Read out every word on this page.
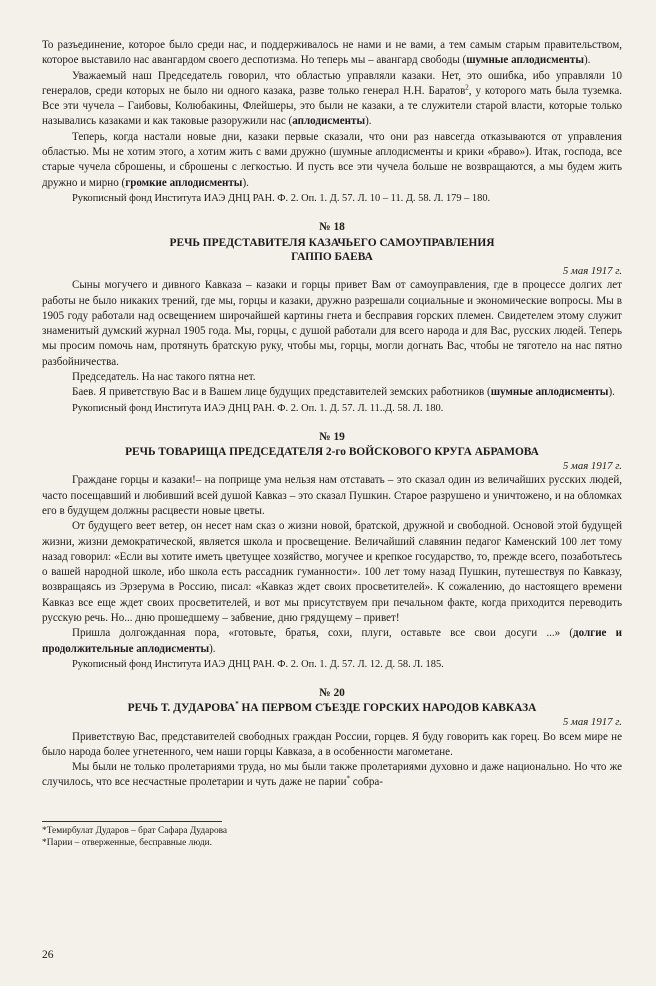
То разъединение, которое было среди нас, и поддерживалось не нами и не вами, а тем самым старым правительством, которое выставило нас авангардом своего деспотизма. Но теперь мы – авангард свободы (шумные аплодисменты).

Уважаемый наш Председатель говорил, что областью управляли казаки. Нет, это ошибка, ибо управляли 10 генералов, среди которых не было ни одного казака, разве только генерал Н.Н. Баратов$^2$, у которого мать была туземка. Все эти чучела – Гаибовы, Колюбакины, Флейшеры, это были не казаки, а те служители старой власти, которые только назывались казаками и как таковые разоружили нас (аплодисменты).

Теперь, когда настали новые дни, казаки первые сказали, что они раз навсегда отказываются от управления областью. Мы не хотим этого, а хотим жить с вами дружно (шумные аплодисменты и крики «браво»). Итак, господа, все старые чучела сброшены, и сброшены с легкостью. И пусть все эти чучела больше не возвращаются, а мы будем жить дружно и мирно (громкие аплодисменты).

Рукописный фонд Института ИАЭ ДНЦ РАН. Ф. 2. Оп. 1. Д. 57. Л. 10 – 11. Д. 58. Л. 179 – 180.

№ 18
РЕЧЬ ПРЕДСТАВИТЕЛЯ КАЗАЧЬЕГО САМОУПРАВЛЕНИЯ
ГАППО БАЕВА
5 мая 1917 г.

Сыны могучего и дивного Кавказа – казаки и горцы привет Вам от самоуправления, где в процессе долгих лет работы не было никаких трений, где мы, горцы и казаки, дружно разрешали социальные и экономические вопросы. Мы в 1905 году работали над освещением широчайшей картины гнета и бесправия горских племен. Свидетелем этому служит знаменитый думский журнал 1905 года. Мы, горцы, с душой работали для всего народа и для Вас, русских людей. Теперь мы просим помочь нам, протянуть братскую руку, чтобы мы, горцы, могли догнать Вас, чтобы не тяготело на нас пятно разбойничества.

Председатель. На нас такого пятна нет.

Баев. Я приветствую Вас и в Вашем лице будущих представителей земских работников (шумные аплодисменты).

Рукописный фонд Института ИАЭ ДНЦ РАН. Ф. 2. Оп. 1. Д. 57. Л. 11..Д. 58. Л. 180.

№ 19
РЕЧЬ ТОВАРИЩА ПРЕДСЕДАТЕЛЯ 2-го ВОЙСКОВОГО КРУГА АБРАМОВА
5 мая 1917 г.

Граждане горцы и казаки!– на поприще ума нельзя нам отставать – это сказал один из величайших русских людей, часто посещавший и любивший всей душой Кавказ – это сказал Пушкин. Старое разрушено и уничтожено, и на обломках его в будущем должны расцвести новые цветы.

От будущего веет ветер, он несет нам сказ о жизни новой, братской, дружной и свободной. Основой этой будущей жизни, жизни демократической, является школа и просвещение. Величайший славянин педагог Каменский 100 лет тому назад говорил: «Если вы хотите иметь цветущее хозяйство, могучее и крепкое государство, то, прежде всего, позаботьтесь о вашей народной школе, ибо школа есть рассадник гуманности». 100 лет тому назад Пушкин, путешествуя по Кавказу, возвращаясь из Эрзерума в Россию, писал: «Кавказ ждет своих просветителей». К сожалению, до настоящего времени Кавказ все еще ждет своих просветителей, и вот мы присутствуем при печальном факте, когда приходится переводить русскую речь. Но... дню прошедшему – забвение, дню грядущему – привет!

Пришла долгожданная пора, «готовьте, братья, сохи, плуги, оставьте все свои досуги ...» (долгие и продолжительные аплодисменты).

Рукописный фонд Института ИАЭ ДНЦ РАН. Ф. 2. Оп. 1. Д. 57. Л. 12. Д. 58. Л. 185.

№ 20
РЕЧЬ Т. ДУДАРОВА* НА ПЕРВОМ СЪЕЗДЕ ГОРСКИХ НАРОДОВ КАВКАЗА
5 мая 1917 г.

Приветствую Вас, представителей свободных граждан России, горцев. Я буду говорить как горец. Во всем мире не было народа более угнетенного, чем наши горцы Кавказа, а в особенности магометане.

Мы были не только пролетариями труда, но мы были также пролетариями духовно и даже национально. Но что же случилось, что все несчастные пролетарии и чуть даже не парии* собра-

*Темирбулат Дударов – брат Сафара Дударова
*Парии – отверженные, бесправные люди.
26
